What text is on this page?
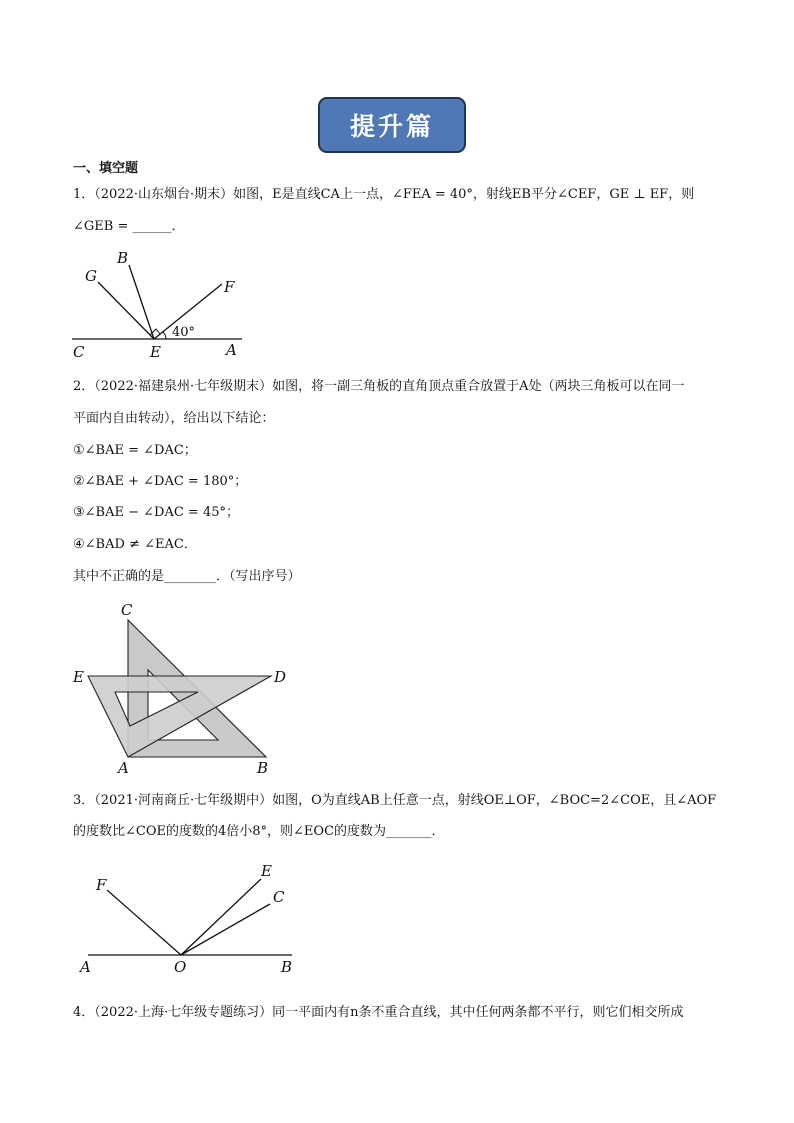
提升篇
一、填空题
1．（2022·山东烟台·期末）如图，E是直线CA上一点，∠FEA = 40°，射线EB平分∠CEF，GE ⊥ EF，则
∠GEB = ______．
G
B
F
C	E	A
40°
2．（2022·福建泉州·七年级期末）如图，将一副三角板的直角顶点重合放置于A处（两块三角板可以在同一
平面内自由转动），给出以下结论：
①∠BAE = ∠DAC；
②∠BAE + ∠DAC = 180°；
③∠BAE − ∠DAC = 45°；
④∠BAD ≠ ∠EAC．
其中不正确的是________．（写出序号）
C
E	D
A	B
3．（2021·河南商丘·七年级期中）如图，O为直线AB上任意一点，射线OE⊥OF，∠BOC=2∠COE，且∠AOF
的度数比∠COE的度数的4倍小8°，则∠EOC的度数为_______．
F
E
C
A	O	B
4．（2022·上海·七年级专题练习）同一平面内有n条不重合直线，其中任何两条都不平行，则它们相交所成
